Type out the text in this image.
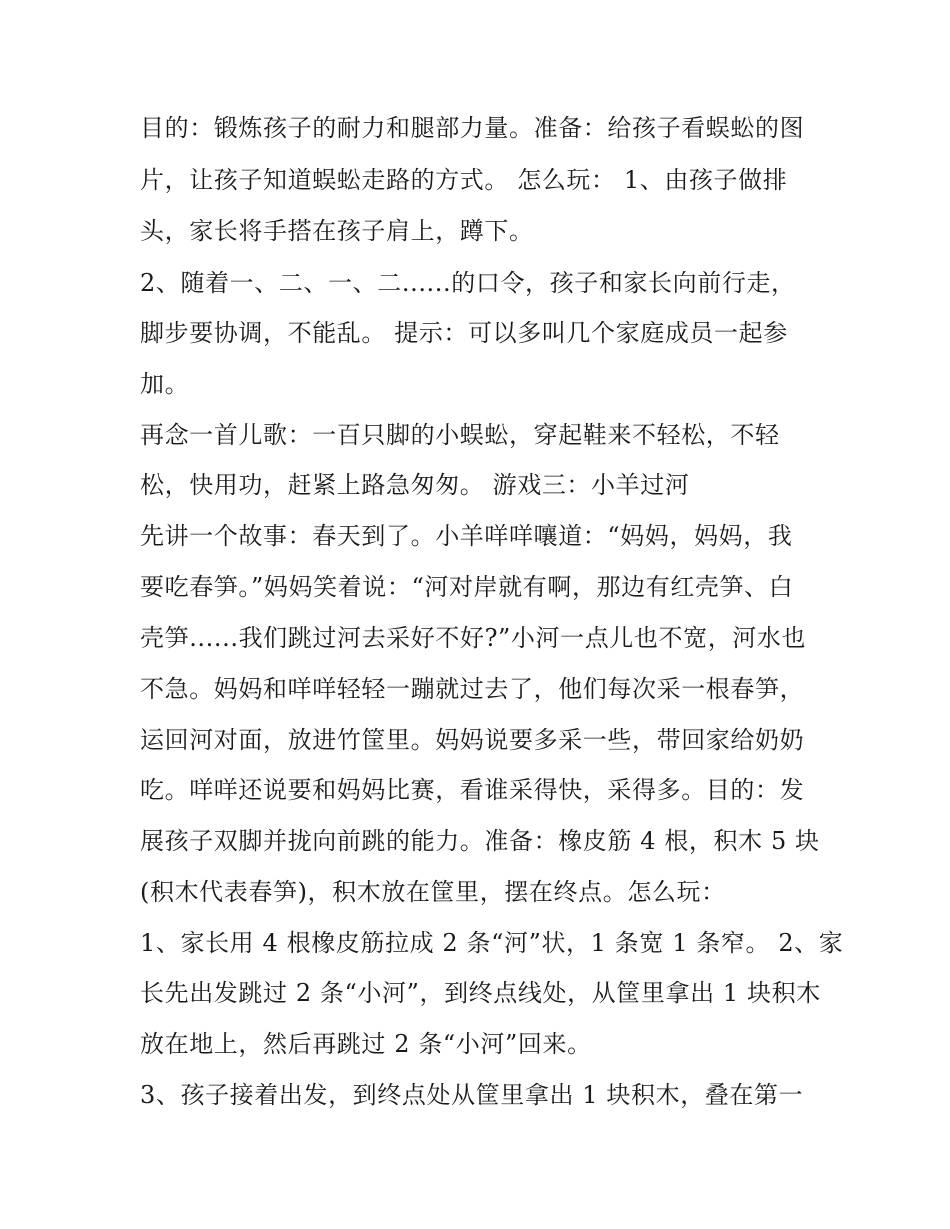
目的：锻炼孩子的耐力和腿部力量。准备：给孩子看蜈蚣的图
片，让孩子知道蜈蚣走路的方式。 怎么玩： 1、由孩子做排
头，家长将手搭在孩子肩上，蹲下。
2、随着一、二、一、二......的口令，孩子和家长向前行走，
脚步要协调，不能乱。 提示：可以多叫几个家庭成员一起参
加。
再念一首儿歌：一百只脚的小蜈蚣，穿起鞋来不轻松，不轻
松，快用功，赶紧上路急匆匆。 游戏三：小羊过河
先讲一个故事：春天到了。小羊咩咩嚷道：“妈妈，妈妈，我
要吃春笋。”妈妈笑着说：“河对岸就有啊，那边有红壳笋、白
壳笋......我们跳过河去采好不好?”小河一点儿也不宽，河水也
不急。妈妈和咩咩轻轻一蹦就过去了，他们每次采一根春笋，
运回河对面，放进竹筐里。妈妈说要多采一些，带回家给奶奶
吃。咩咩还说要和妈妈比赛，看谁采得快，采得多。目的：发
展孩子双脚并拢向前跳的能力。准备：橡皮筋 4 根，积木 5 块
(积木代表春笋)，积木放在筐里，摆在终点。怎么玩：
1、家长用 4 根橡皮筋拉成 2 条“河”状，1 条宽 1 条窄。 2、家
长先出发跳过 2 条“小河”，到终点线处，从筐里拿出 1 块积木
放在地上，然后再跳过 2 条“小河”回来。
3、孩子接着出发，到终点处从筐里拿出 1 块积木，叠在第一
